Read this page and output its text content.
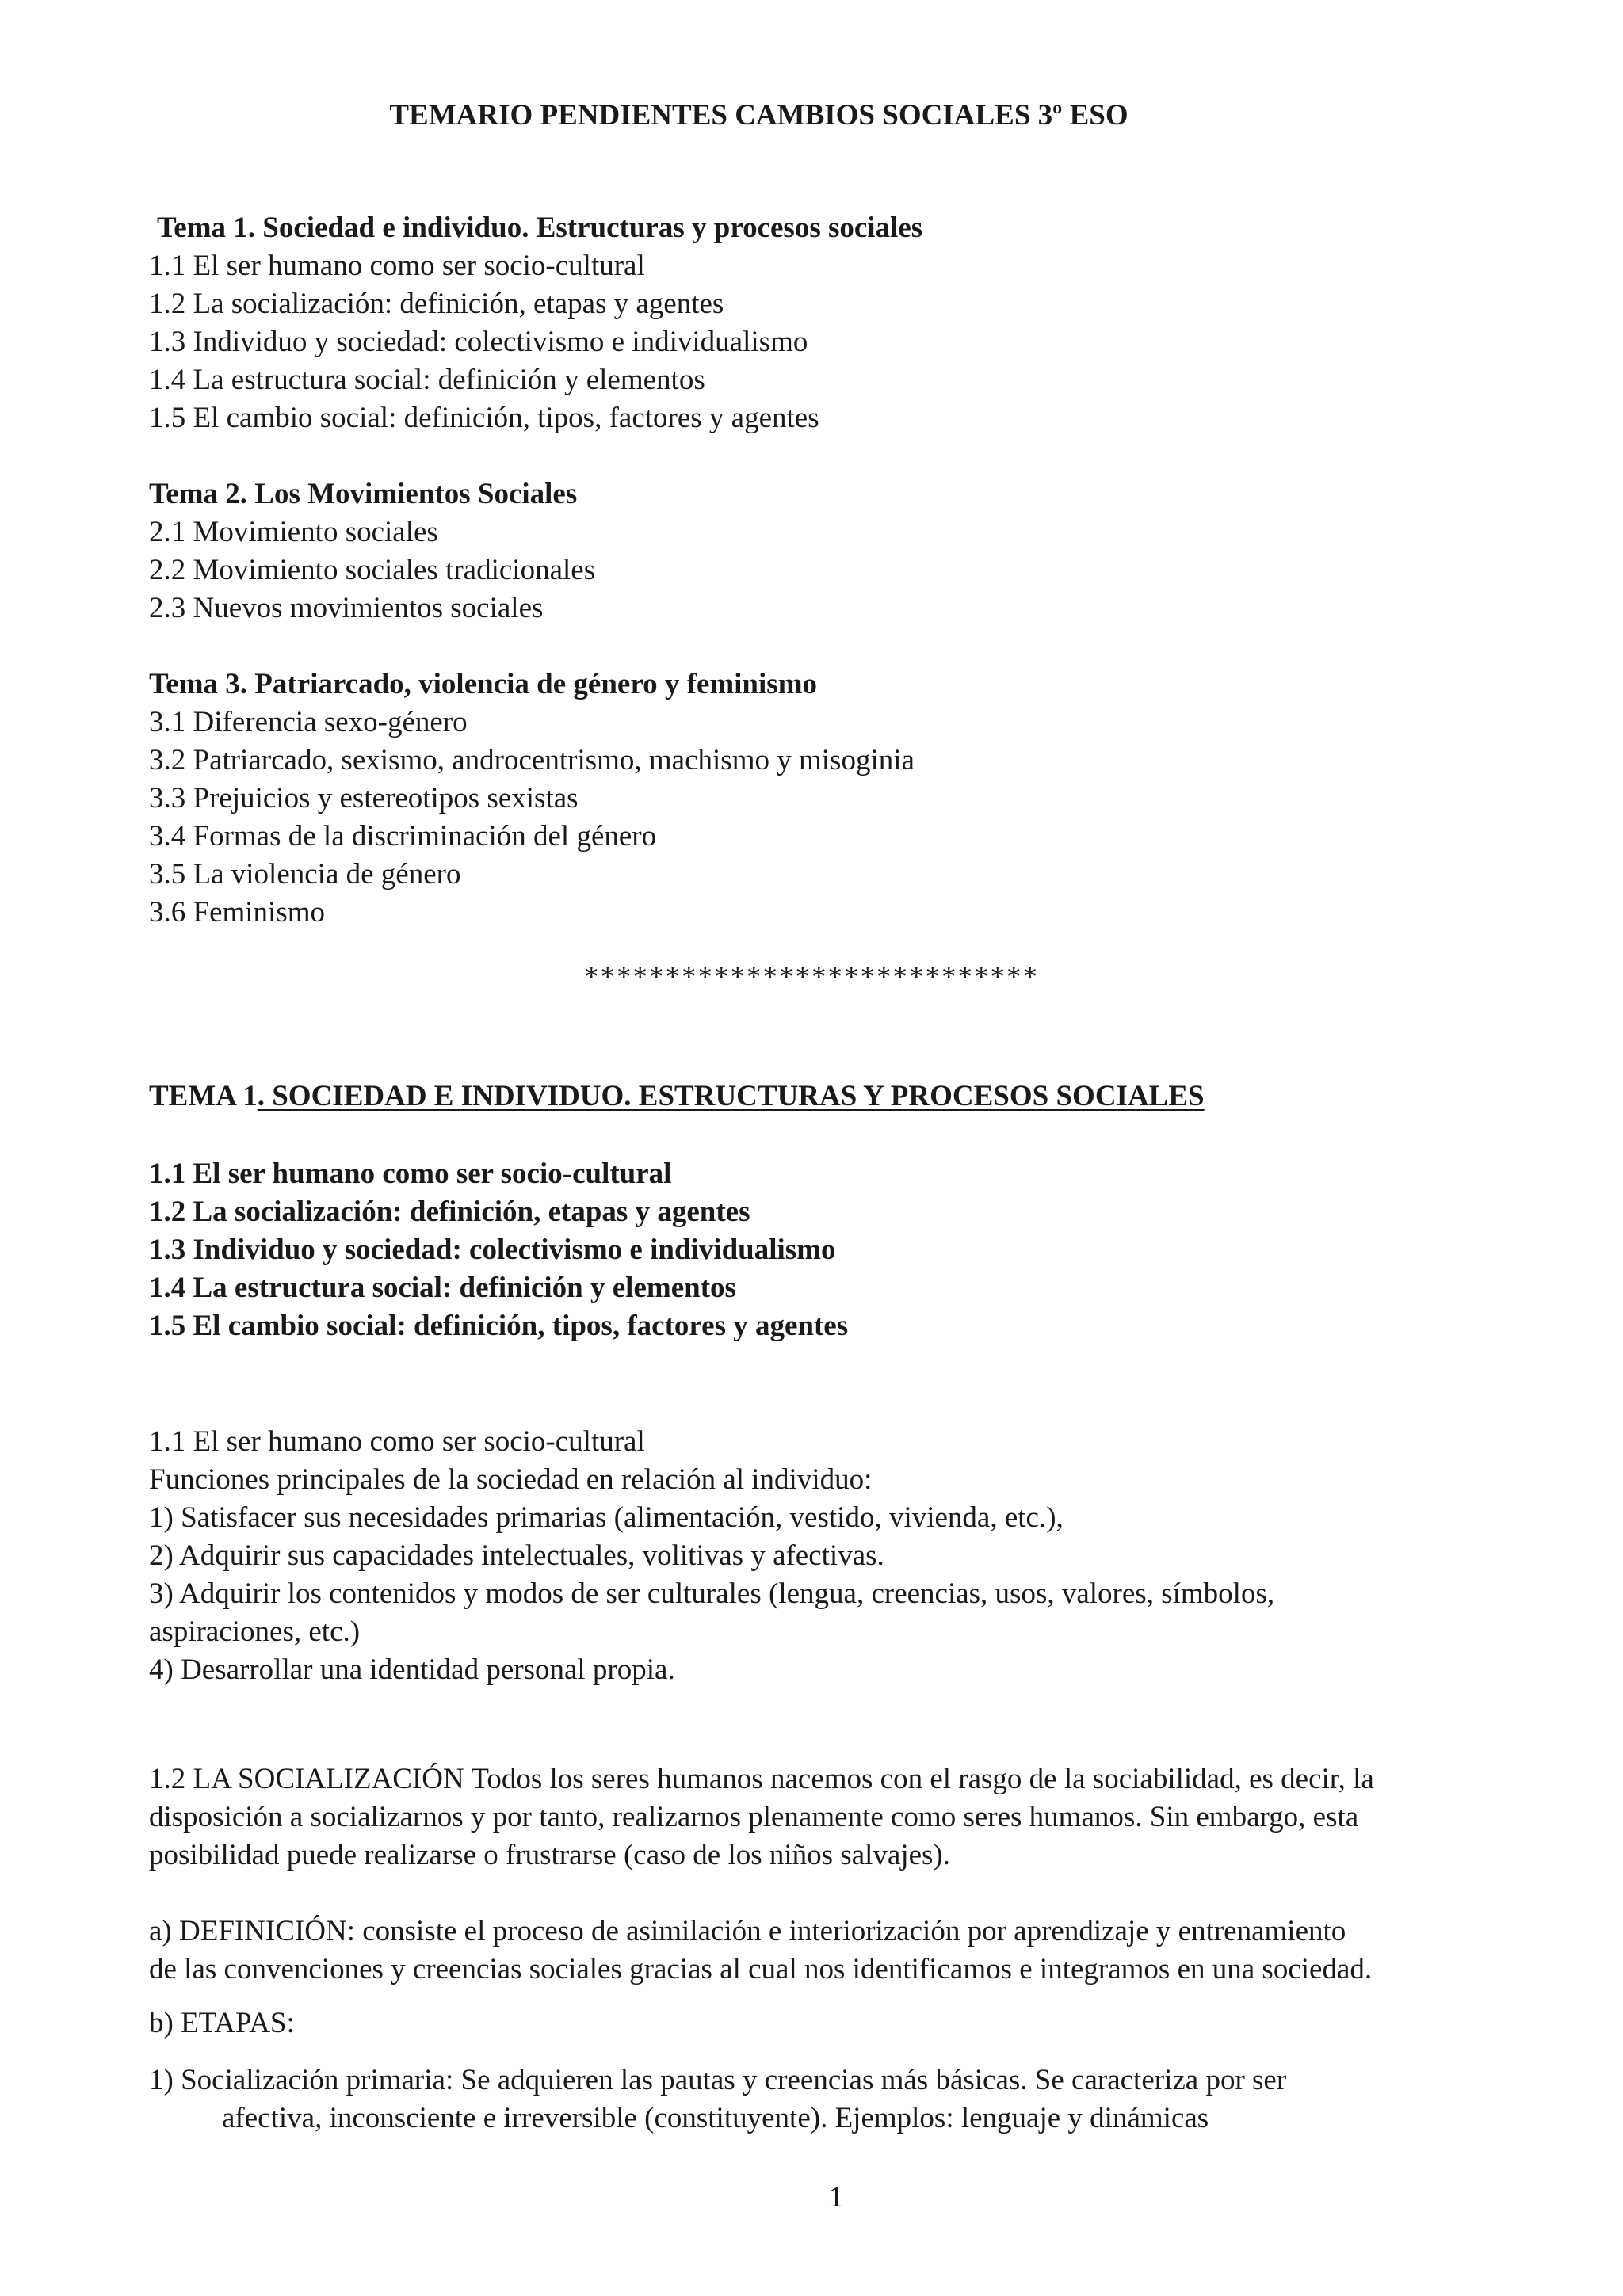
TEMARIO PENDIENTES CAMBIOS SOCIALES 3º ESO

Tema 1. Sociedad e individuo. Estructuras y procesos sociales

1.1 El ser humano como ser socio-cultural

1.2 La socialización: definición, etapas y agentes

1.3 Individuo y sociedad: colectivismo e individualismo

1.4 La estructura social: definición y elementos

1.5 El cambio social: definición, tipos, factores y agentes

Tema 2. Los Movimientos Sociales

2.1 Movimiento sociales

2.2 Movimiento sociales tradicionales

2.3 Nuevos movimientos sociales

Tema 3. Patriarcado, violencia de género y feminismo

3.1 Diferencia sexo-género

3.2 Patriarcado, sexismo, androcentrismo, machismo y misoginia

3.3 Prejuicios y estereotipos sexistas

3.4 Formas de la discriminación del género

3.5 La violencia de género

3.6 Feminismo

****************************

TEMA 1. SOCIEDAD E INDIVIDUO. ESTRUCTURAS Y PROCESOS SOCIALES

1.1 El ser humano como ser socio-cultural

1.2 La socialización: definición, etapas y agentes

1.3 Individuo y sociedad: colectivismo e individualismo

1.4 La estructura social: definición y elementos

1.5 El cambio social: definición, tipos, factores y agentes

1.1 El ser humano como ser socio-cultural

Funciones principales de la sociedad en relación al individuo:

1) Satisfacer sus necesidades primarias (alimentación, vestido, vivienda, etc.),

2) Adquirir sus capacidades intelectuales, volitivas y afectivas.

3) Adquirir los contenidos y modos de ser culturales (lengua, creencias, usos, valores, símbolos,

aspiraciones, etc.)

4) Desarrollar una identidad personal propia.

1.2 LA SOCIALIZACIÓN Todos los seres humanos nacemos con el rasgo de la sociabilidad, es decir, la

disposición a socializarnos y por tanto, realizarnos plenamente como seres humanos. Sin embargo, esta

posibilidad puede realizarse o frustrarse (caso de los niños salvajes).

a) DEFINICIÓN: consiste el proceso de asimilación e interiorización por aprendizaje y entrenamiento

de las convenciones y creencias sociales gracias al cual nos identificamos e integramos en una sociedad.

b) ETAPAS:

1) Socialización primaria: Se adquieren las pautas y creencias más básicas. Se caracteriza por ser

afectiva, inconsciente e irreversible (constituyente). Ejemplos: lenguaje y dinámicas

1
